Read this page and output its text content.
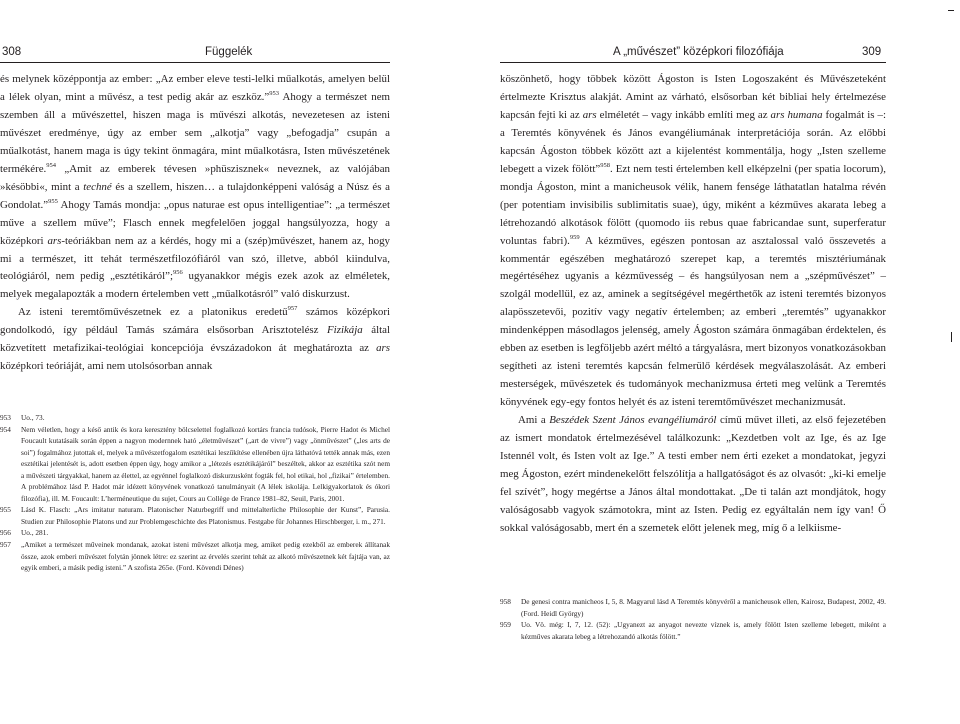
308	Függelék

és melynek középpontja az ember: „Az ember eleve testi-lelki műalkotás, amelyen belül a lélek olyan, mint a művész, a test pedig akár az eszköz.”$^{953}$ Ahogy a természet nem szemben áll a művészettel, hiszen maga is művészi alkotás, nevezetesen az isteni művészet eredménye, úgy az ember sem „alkotja” vagy „befogadja” csupán a műalkotást, hanem maga is úgy tekint önmagára, mint műalkotásra, Isten művészetének termékére.$^{954}$ „Amit az emberek tévesen »phüszisznek« neveznek, az valójában »késöbbi«, mint a techné és a szellem, hiszen… a tulajdonképpeni valóság a Núsz és a Gondolat.”$^{955}$ Ahogy Tamás mondja: „opus naturae est opus intelligentiae”: „a természet műve a szellem műve”; Flasch ennek megfelelően joggal hangsúlyozza, hogy a középkori ars-teóriákban nem az a kérdés, hogy mi a (szép)művészet, hanem az, hogy mi a természet, itt tehát természetfilozófiáról van szó, illetve, abból kiindulva, teológiáról, nem pedig „esztétikáról”;$^{956}$ ugyanakkor mégis ezek azok az elméletek, melyek megalapozták a modern értelemben vett „műalkotásról” való diskurzust.

Az isteni teremtőművészetnek ez a platonikus eredetű$^{957}$ számos középkori gondolkodó, így például Tamás számára elsősorban Arisztotelész Fizikája által közvetített metafizikai-teológiai koncepciója évszázadokon át meghatározta az ars középkori teóriáját, ami nem utolsósorban annak

953 Uo., 73.
954 Nem véletlen, hogy a késő antik és kora keresztény bölcselettel foglalkozó kortárs francia tudósok, Pierre Hadot és Michel Foucault kutatásaik során éppen a nagyon modernnek ható „életművészet” („art de vivre”) vagy „önművészet” („les arts de soi”) fogalmához jutottak el, melyek a művészetfogalom esztétikai leszűkítése ellenében újra láthatóvá tették annak más, ezen esztétikai jelentését is, adott esetben éppen úgy, hogy amikor a „létezés esztétikájáról” beszéltek, akkor az esztétika szót nem a művészeti tárgyakkal, hanem az élettel, az egyénnel foglalkozó diskurzusként fogták fel, hol etikai, hol „fizikai” értelemben. A problémához lásd P. Hadot már idézett könyvének vonatkozó tanulmányait (A lélek iskolája. Lelkigyakorlatok és ókori filozófia), ill. M. Foucault: L’herméneutique du sujet, Cours au Collège de France 1981–82, Seuil, Paris, 2001.
955 Lásd K. Flasch: „Ars imitatur naturam. Platonischer Naturbegriff und mittelalterliche Philosophie der Kunst”, Parusia. Studien zur Philosophie Platons und zur Problemgeschichte des Platonismus. Festgabe für Johannes Hirschberger, i. m., 271.
956 Uo., 281.
957 „Amiket a természet műveinek mondanak, azokat isteni művészet alkotja meg, amiket pedig ezekből az emberek állítanak össze, azok emberi művészet folytán jönnek létre: ez szerint az érvelés szerint tehát az alkotó művészetnek két fajtája van, az egyik emberi, a másik pedig isteni.” A szofista 265e. (Ford. Kövendi Dénes)
A „művészet” középkori filozófiája	309

köszönhető, hogy többek között Ágoston is Isten Logoszaként és Művészeteként értelmezte Krisztus alakját. Amint az várható, elsősorban két bibliai hely értelmezése kapcsán fejti ki az ars elméletét – vagy inkább említi meg az ars humana fogalmát is –: a Teremtés könyvének és János evangéliumának interpretációja során. Az előbbi kapcsán Ágoston többek között azt a kijelentést kommentálja, hogy „Isten szelleme lebegett a vizek fölött”$^{958}$. Ezt nem testi értelemben kell elképzelni (per spatia locorum), mondja Ágoston, mint a manicheusok vélik, hanem fensége láthatatlan hatalma révén (per potentiam invisibilis sublimitatis suae), úgy, miként a kézműves akarata lebeg a létrehozandó alkotások fölött (quomodo iis rebus quae fabricandae sunt, superferatur voluntas fabri).$^{959}$ A kézműves, egészen pontosan az asztalossal való összevetés a kommentár egészében meghatározó szerepet kap, a teremtés misztériumának megértéséhez ugyanis a kézművesség – és hangsúlyosan nem a „szépművészet” – szolgál modellül, ez az, aminek a segítségével megérthetők az isteni teremtés bizonyos alapösszetevői, pozitív vagy negatív értelemben; az emberi „teremtés” ugyanakkor mindenképpen másodlagos jelenség, amely Ágoston számára önmagában érdektelen, és ebben az esetben is legföljebb azért méltó a tárgyalásra, mert bizonyos vonatkozásokban segítheti az isteni teremtés kapcsán felmerülő kérdések megválaszolását. Az emberi mesterségek, művészetek és tudományok mechanizmusa érteti meg velünk a Teremtés könyvének egy-egy fontos helyét és az isteni teremtőművészet mechanizmusát.

Ami a Beszédek Szent János evangéliumáról című művet illeti, az első fejezetében az ismert mondatok értelmezésével találkozunk: „Kezdetben volt az Ige, és az Ige Istennél volt, és Isten volt az Ige.” A testi ember nem érti ezeket a mondatokat, jegyzi meg Ágoston, ezért mindenekelőtt felszólítja a hallgatóságot és az olvasót: „ki-ki emelje fel szívét”, hogy megértse a János által mondottakat. „De ti talán azt mondjátok, hogy valóságosabb vagyok számotokra, mint az Isten. Pedig ez egyáltalán nem így van! Ő sokkal valóságosabb, mert én a szemetek előtt jelenek meg, míg ő a lelkiisme-

958 De genesi contra manicheos I, 5, 8. Magyarul lásd A Teremtés könyvéről a manicheusok ellen, Kairosz, Budapest, 2002, 49. (Ford. Heidl György)
959 Uo. Vö. még: I, 7, 12. (52): „Ugyanezt az anyagot nevezte víznek is, amely fölött Isten szelleme lebegett, miként a kézműves akarata lebeg a létrehozandó alkotás fölött.”
